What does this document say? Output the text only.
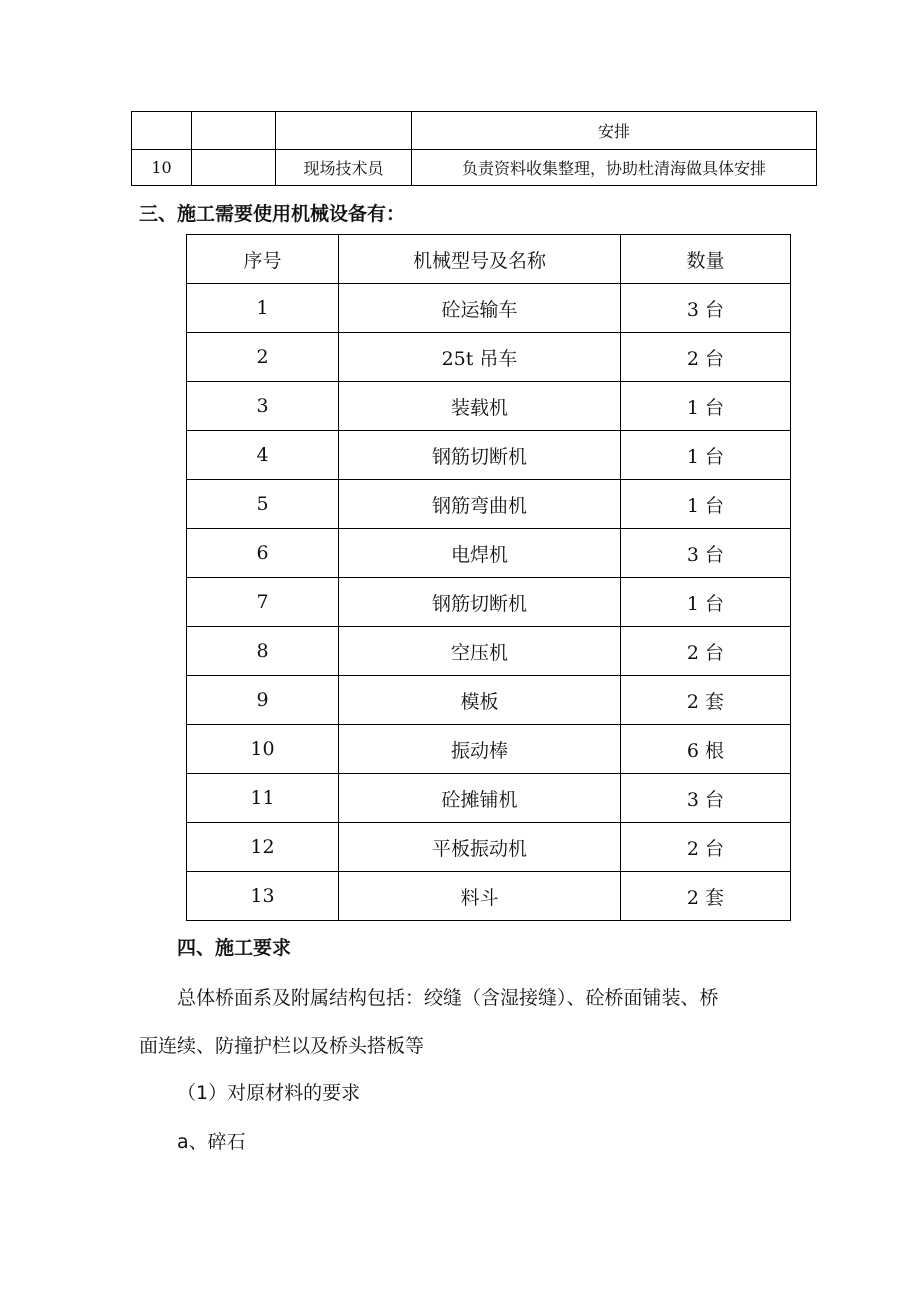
			安排
10		现场技术员	负责资料收集整理，协助杜清海做具体安排

三、施工需要使用机械设备有：

序号	机械型号及名称	数量
1	砼运输车	3 台
2	25t 吊车	2 台
3	装载机	1 台
4	钢筋切断机	1 台
5	钢筋弯曲机	1 台
6	电焊机	3 台
7	钢筋切断机	1 台
8	空压机	2 台
9	模板	2 套
10	振动棒	6 根
11	砼摊铺机	3 台
12	平板振动机	2 台
13	料斗	2 套

四、施工要求

总体桥面系及附属结构包括：绞缝（含湿接缝）、砼桥面铺装、桥

面连续、防撞护栏以及桥头搭板等

（1）对原材料的要求

a、碎石
